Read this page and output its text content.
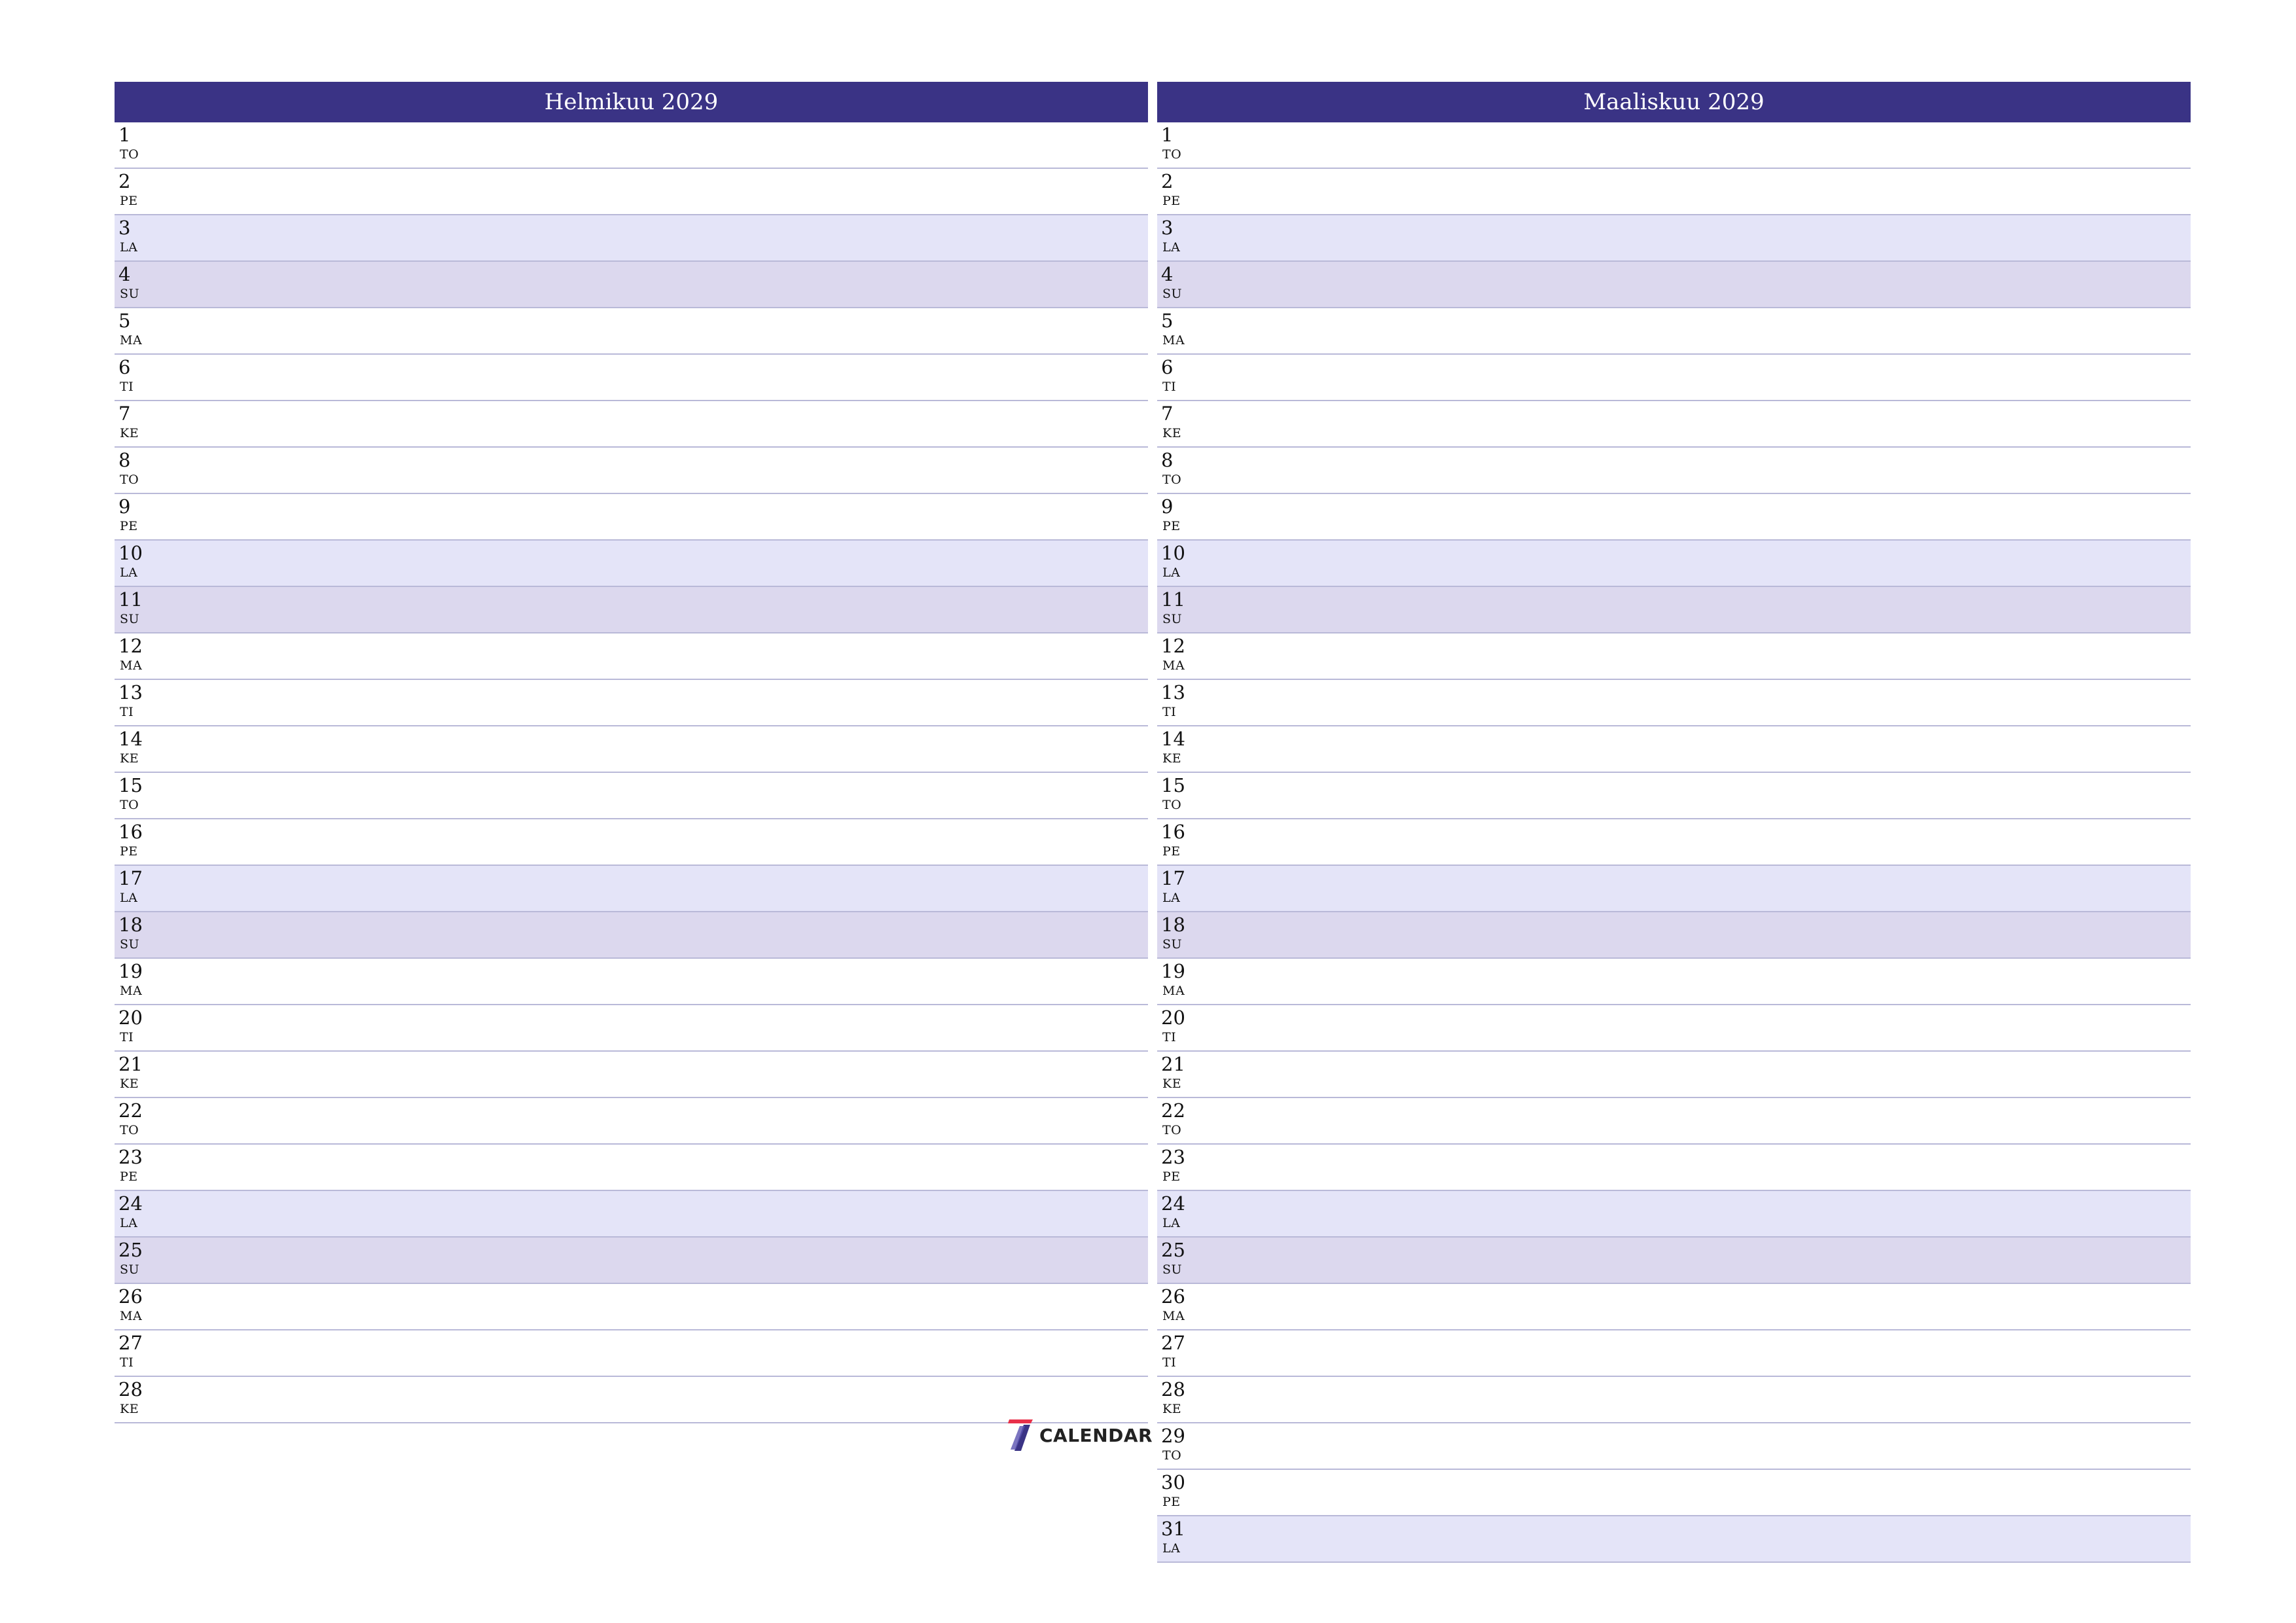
Helmikuu 2029
1
TO
2
PE
3
LA
4
SU
5
MA
6
TI
7
KE
8
TO
9
PE
10
LA
11
SU
12
MA
13
TI
14
KE
15
TO
16
PE
17
LA
18
SU
19
MA
20
TI
21
KE
22
TO
23
PE
24
LA
25
SU
26
MA
27
TI
28
KE
Maaliskuu 2029
1
TO
2
PE
3
LA
4
SU
5
MA
6
TI
7
KE
8
TO
9
PE
10
LA
11
SU
12
MA
13
TI
14
KE
15
TO
16
PE
17
LA
18
SU
19
MA
20
TI
21
KE
22
TO
23
PE
24
LA
25
SU
26
MA
27
TI
28
KE
29
TO
30
PE
31
LA
CALENDAR
